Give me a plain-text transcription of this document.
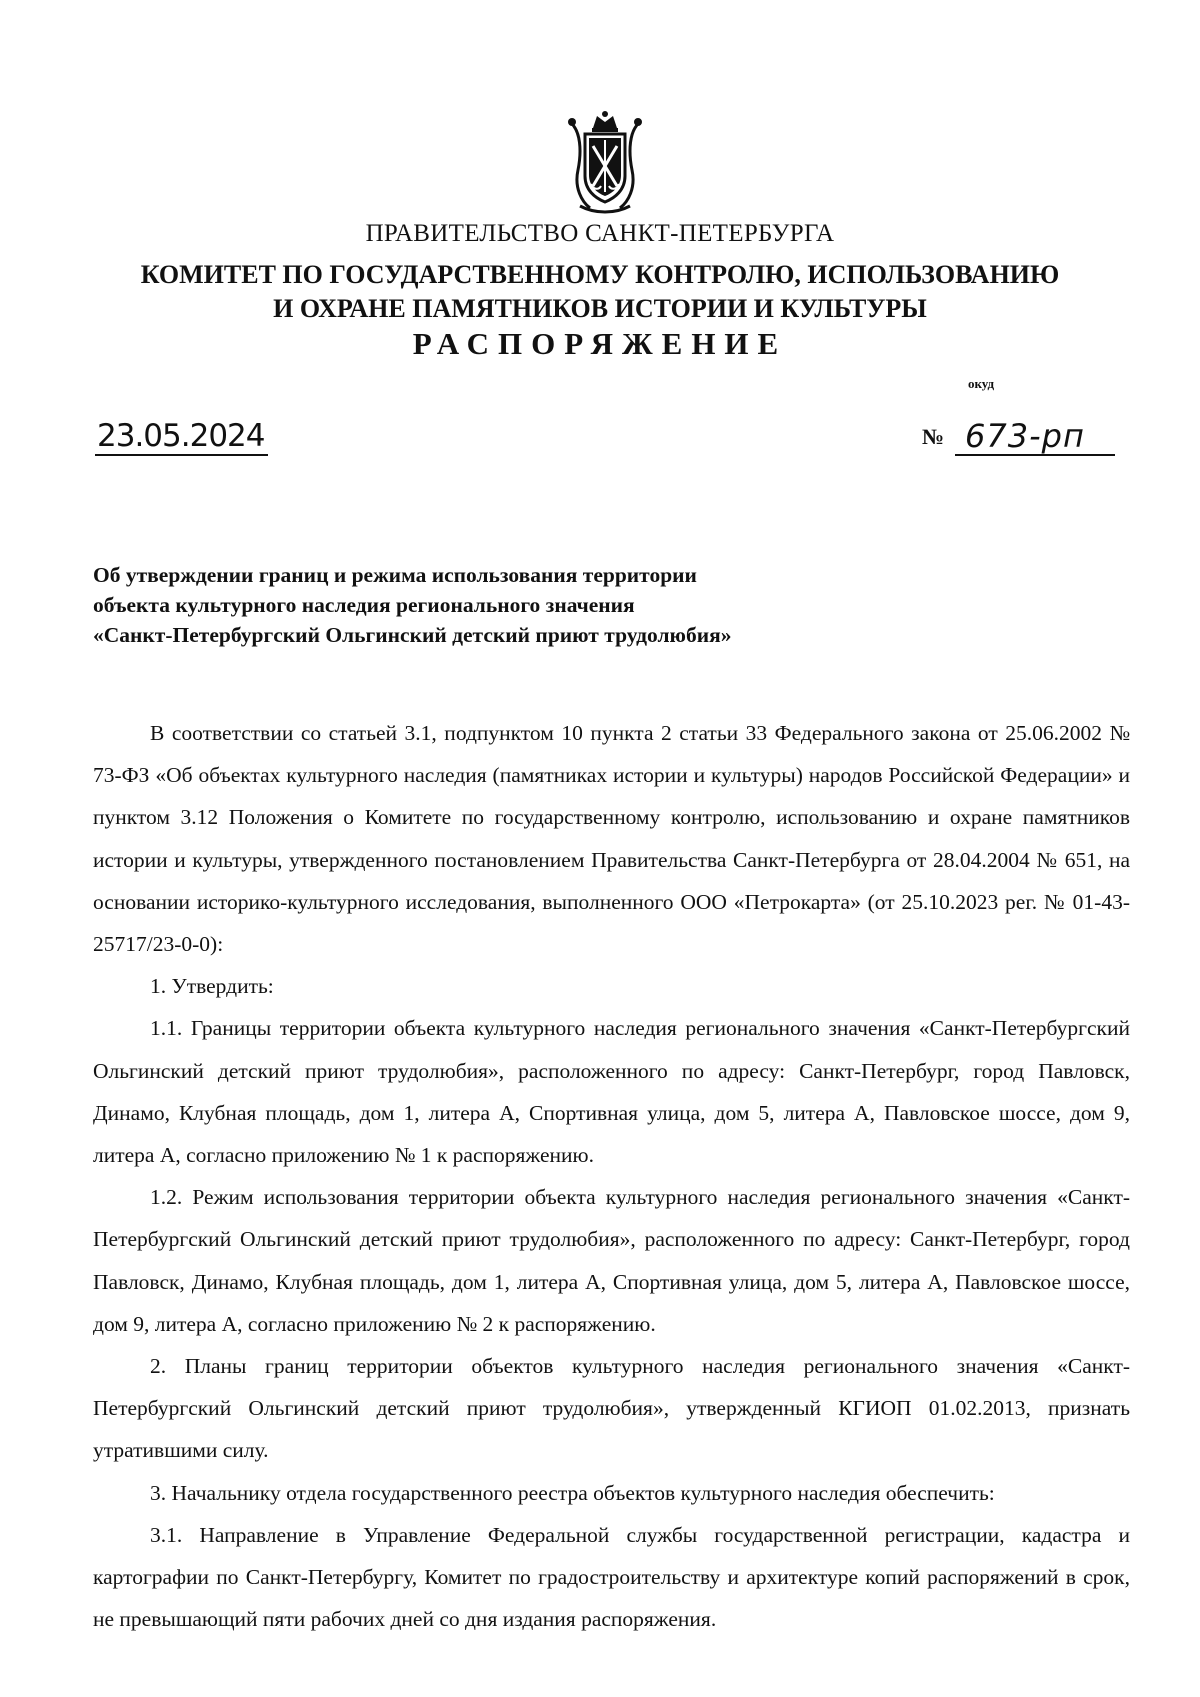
ПРАВИТЕЛЬСТВО САНКТ-ПЕТЕРБУРГА
КОМИТЕТ ПО ГОСУДАРСТВЕННОМУ КОНТРОЛЮ, ИСПОЛЬЗОВАНИЮ
И ОХРАНЕ ПАМЯТНИКОВ ИСТОРИИ И КУЛЬТУРЫ
РАСПОРЯЖЕНИЕ
окуд
23.05.2024	№ 673-рп
Об утверждении границ и режима использования территории
объекта культурного наследия регионального значения
«Санкт-Петербургский Ольгинский детский приют трудолюбия»

В соответствии со статьей 3.1, подпунктом 10 пункта 2 статьи 33 Федерального закона от 25.06.2002 № 73-ФЗ «Об объектах культурного наследия (памятниках истории и культуры) народов Российской Федерации» и пунктом 3.12 Положения о Комитете по государственному контролю, использованию и охране памятников истории и культуры, утвержденного постановлением Правительства Санкт-Петербурга от 28.04.2004 № 651, на основании историко-культурного исследования, выполненного ООО «Петрокарта» (от 25.10.2023 рег. № 01-43-25717/23-0-0):

1. Утвердить:

1.1. Границы территории объекта культурного наследия регионального значения «Санкт-Петербургский Ольгинский детский приют трудолюбия», расположенного по адресу: Санкт-Петербург, город Павловск, Динамо, Клубная площадь, дом 1, литера А, Спортивная улица, дом 5, литера А, Павловское шоссе, дом 9, литера А, согласно приложению № 1 к распоряжению.

1.2. Режим использования территории объекта культурного наследия регионального значения «Санкт-Петербургский Ольгинский детский приют трудолюбия», расположенного по адресу: Санкт-Петербург, город Павловск, Динамо, Клубная площадь, дом 1, литера А, Спортивная улица, дом 5, литера А, Павловское шоссе, дом 9, литера А, согласно приложению № 2 к распоряжению.

2. Планы границ территории объектов культурного наследия регионального значения «Санкт-Петербургский Ольгинский детский приют трудолюбия», утвержденный КГИОП 01.02.2013, признать утратившими силу.

3. Начальнику отдела государственного реестра объектов культурного наследия обеспечить:

3.1. Направление в Управление Федеральной службы государственной регистрации, кадастра и картографии по Санкт-Петербургу, Комитет по градостроительству и архитектуре копий распоряжений в срок, не превышающий пяти рабочих дней со дня издания распоряжения.
